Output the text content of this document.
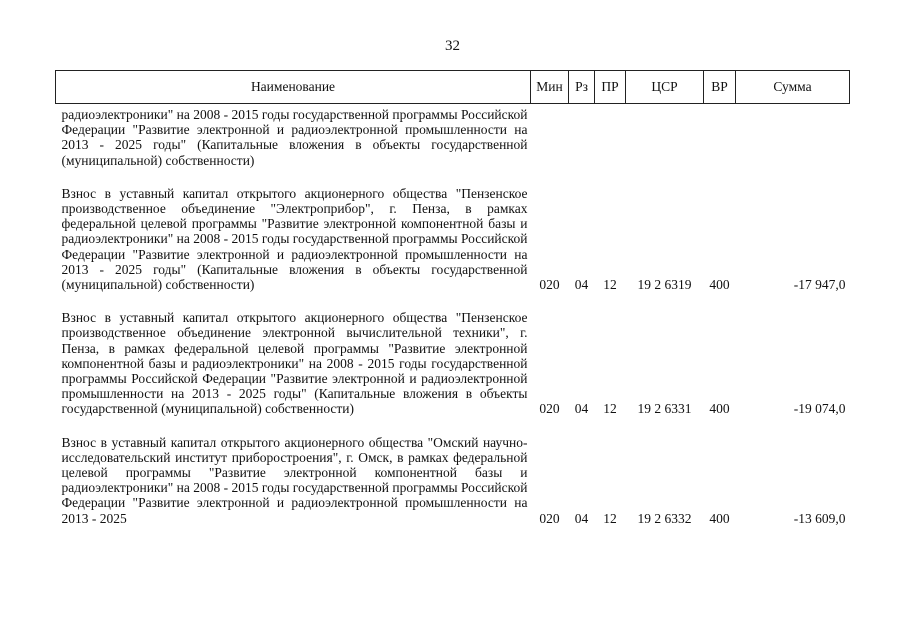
32
Наименование	Мин	Рз	ПР	ЦСР	ВР	Сумма
радиоэлектроники" на 2008 - 2015 годы государственной программы Российской Федерации "Развитие электронной и радиоэлектронной промышленности на 2013 - 2025 годы" (Капитальные вложения в объекты государственной (муниципальной) собственности)						
Взнос в уставный капитал открытого акционерного общества "Пензенское производственное объединение "Электроприбор", г. Пенза, в рамках федеральной целевой программы "Развитие электронной компонентной базы и радиоэлектроники" на 2008 - 2015 годы государственной программы Российской Федерации "Развитие электронной и радиоэлектронной промышленности на 2013 - 2025 годы" (Капитальные вложения в объекты государственной (муниципальной) собственности)	020	04	12	19 2 6319	400	-17 947,0
Взнос в уставный капитал открытого акционерного общества "Пензенское производственное объединение электронной вычислительной техники", г. Пенза, в рамках федеральной целевой программы "Развитие электронной компонентной базы и радиоэлектроники" на 2008 - 2015 годы государственной программы Российской Федерации "Развитие электронной и радиоэлектронной промышленности на 2013 - 2025 годы" (Капитальные вложения в объекты государственной (муниципальной) собственности)	020	04	12	19 2 6331	400	-19 074,0
Взнос в уставный капитал открытого акционерного общества "Омский научно-исследовательский институт приборостроения", г. Омск, в рамках федеральной целевой программы "Развитие электронной компонентной базы и радиоэлектроники" на 2008 - 2015 годы государственной программы Российской Федерации "Развитие электронной и радиоэлектронной промышленности на 2013 - 2025	020	04	12	19 2 6332	400	-13 609,0
